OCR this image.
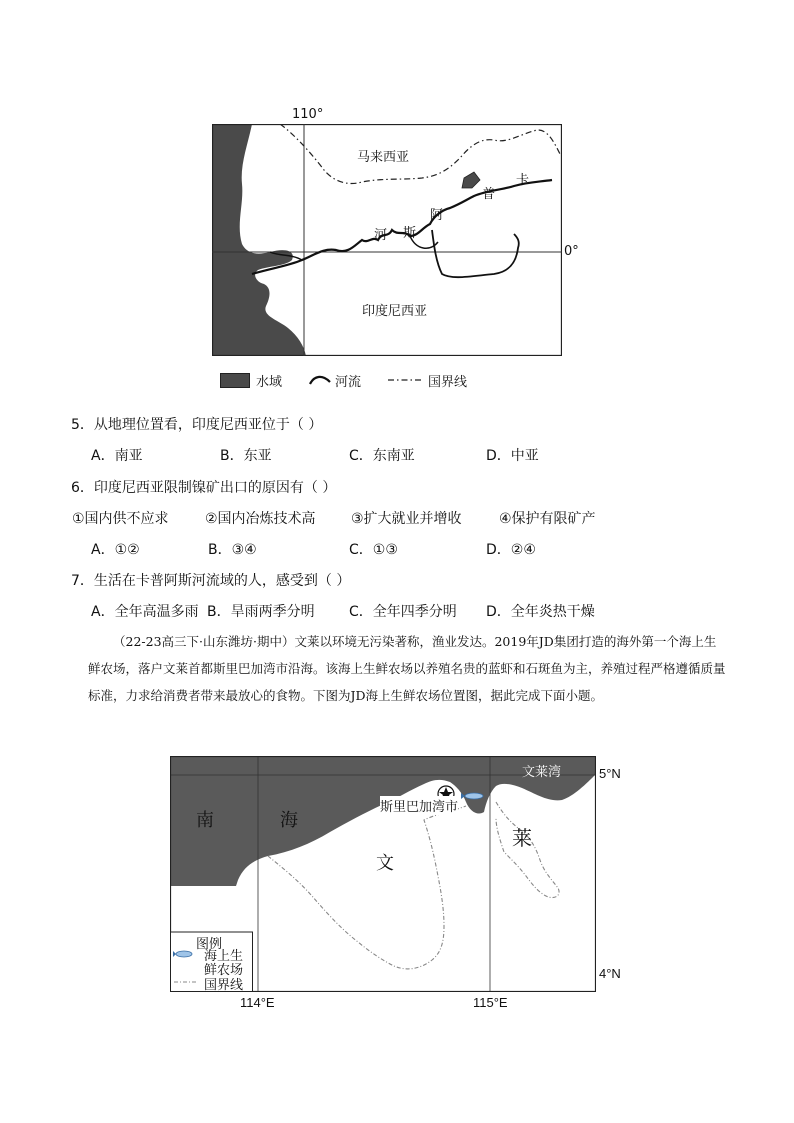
110°
0°
马来西亚
印度尼西亚
卡
普
阿
斯
河
水域	河流	国界线
5．从地理位置看，印度尼西亚位于（ ）
A．南亚	B．东亚	C．东南亚	D．中亚
6．印度尼西亚限制镍矿出口的原因有（ ）
①国内供不应求	②国内冶炼技术高	③扩大就业并增收	④保护有限矿产
A．①②	B．③④	C．①③	D．②④
7．生活在卡普阿斯河流域的人，感受到（ ）
A．全年高温多雨 B．旱雨两季分明 C．全年四季分明 D．全年炎热干燥

（22-23高三下·山东潍坊·期中）文莱以环境无污染著称，渔业发达。2019年JD集团打造的海外第一个海上生鲜农场，落户文莱首都斯里巴加湾市沿海。该海上生鲜农场以养殖名贵的蓝虾和石斑鱼为主，养殖过程严格遵循质量标准，力求给消费者带来最放心的食物。下图为JD海上生鲜农场位置图，据此完成下面小题。

南	海
文
莱
文莱湾
斯里巴加湾市
图例
海上生
鲜农场
国界线
5°N
4°N
114°E	115°E
